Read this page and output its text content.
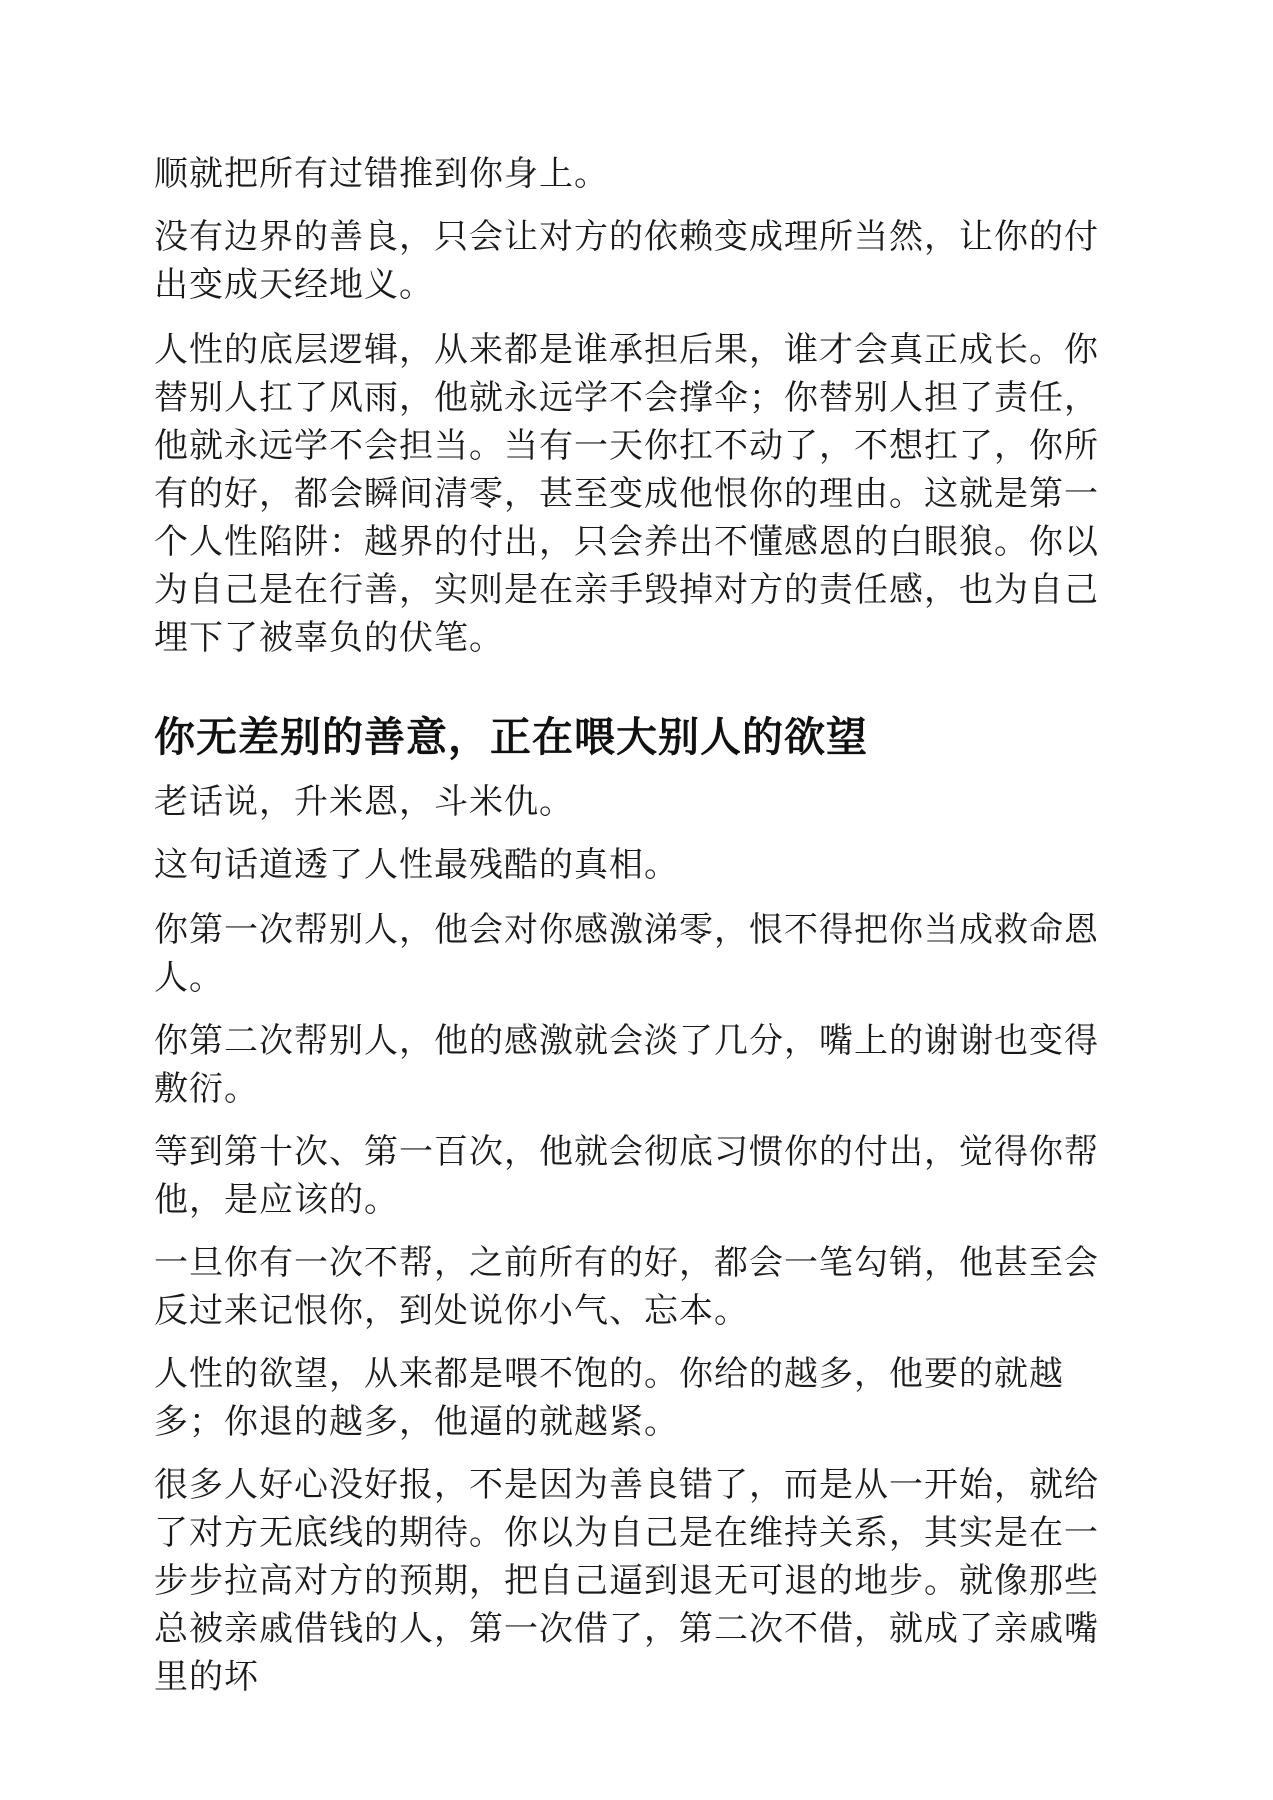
顺就把所有过错推到你身上。

没有边界的善良，只会让对方的依赖变成理所当然，让你的付出变成天经地义。

人性的底层逻辑，从来都是谁承担后果，谁才会真正成长。你替别人扛了风雨，他就永远学不会撑伞；你替别人担了责任，他就永远学不会担当。当有一天你扛不动了，不想扛了，你所有的好，都会瞬间清零，甚至变成他恨你的理由。这就是第一个人性陷阱：越界的付出，只会养出不懂感恩的白眼狼。你以为自己是在行善，实则是在亲手毁掉对方的责任感，也为自己埋下了被辜负的伏笔。

你无差别的善意，正在喂大别人的欲望

老话说，升米恩，斗米仇。

这句话道透了人性最残酷的真相。

你第一次帮别人，他会对你感激涕零，恨不得把你当成救命恩人。

你第二次帮别人，他的感激就会淡了几分，嘴上的谢谢也变得敷衍。

等到第十次、第一百次，他就会彻底习惯你的付出，觉得你帮他，是应该的。

一旦你有一次不帮，之前所有的好，都会一笔勾销，他甚至会反过来记恨你，到处说你小气、忘本。

人性的欲望，从来都是喂不饱的。你给的越多，他要的就越多；你退的越多，他逼的就越紧。

很多人好心没好报，不是因为善良错了，而是从一开始，就给了对方无底线的期待。你以为自己是在维持关系，其实是在一步步拉高对方的预期，把自己逼到退无可退的地步。就像那些总被亲戚借钱的人，第一次借了，第二次不借，就成了亲戚嘴里的坏
